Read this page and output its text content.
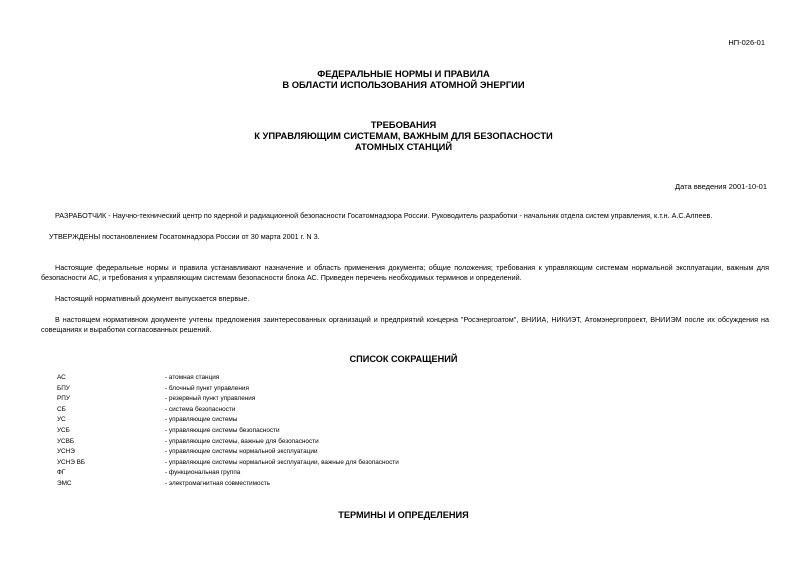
НП-026-01
ФЕДЕРАЛЬНЫЕ НОРМЫ И ПРАВИЛА
В ОБЛАСТИ ИСПОЛЬЗОВАНИЯ АТОМНОЙ ЭНЕРГИИ
ТРЕБОВАНИЯ
К УПРАВЛЯЮЩИМ СИСТЕМАМ, ВАЖНЫМ ДЛЯ БЕЗОПАСНОСТИ
АТОМНЫХ СТАНЦИЙ
Дата введения 2001-10-01
РАЗРАБОТЧИК - Научно-технический центр по ядерной и радиационной безопасности Госатомнадзора России. Руководитель разработки - начальник отдела систем управления, к.т.н. А.С.Алпеев.
УТВЕРЖДЕНЫ постановлением Госатомнадзора России от 30 марта 2001 г. N 3.
Настоящие федеральные нормы и правила устанавливают назначение и область применения документа; общие положения; требования к управляющим системам нормальной эксплуатации, важным для безопасности АС, и требования к управляющим системам безопасности блока АС. Приведен перечень необходимых терминов и определений.
Настоящий нормативный документ выпускается впервые.
В настоящем нормативном документе учтены предложения заинтересованных организаций и предприятий концерна "Росэнергоатом", ВНИИА, НИКИЭТ, Атомэнергопроект, ВНИИЭМ после их обсуждения на совещаниях и выработки согласованных решений.
СПИСОК СОКРАЩЕНИЙ
АС	- атомная станция
БПУ	- блочный пункт управления
РПУ	- резервный пункт управления
СБ	- система безопасности
УС	- управляющие системы
УСБ	- управляющие системы безопасности
УСВБ	- управляющие системы, важные для безопасности
УСНЭ	- управляющие системы нормальной эксплуатации
УСНЭ ВБ	- управляющие системы нормальной эксплуатации, важные для безопасности
ФГ	- функциональная группа
ЭМС	- электромагнитная совместимость
ТЕРМИНЫ И ОПРЕДЕЛЕНИЯ
